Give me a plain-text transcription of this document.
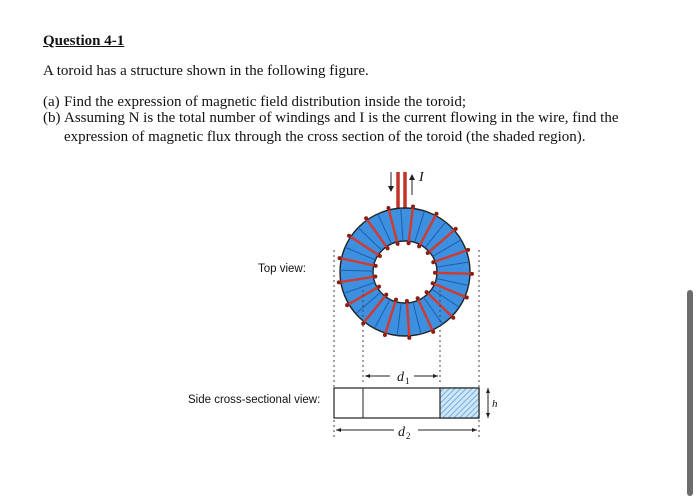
Question 4-1
A toroid has a structure shown in the following figure.
(a) Find the expression of magnetic field distribution inside the toroid;
(b) Assuming N is the total number of windings and I is the current flowing in the wire, find the
expression of magnetic flux through the cross section of the toroid (the shaded region).
Top view:
Side cross-sectional view:
I
d 1
h
d 2
